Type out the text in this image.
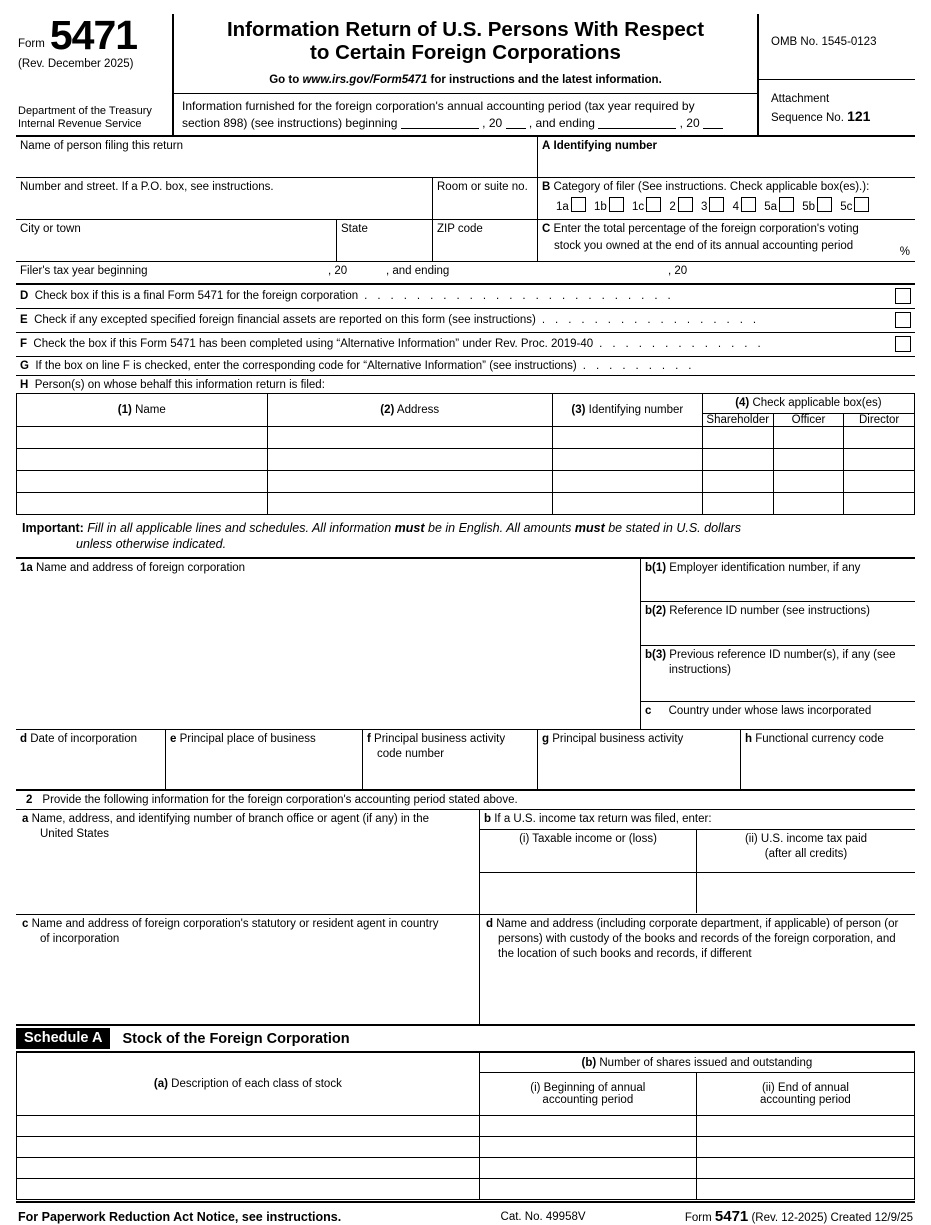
Form 5471
(Rev. December 2025)
Department of the Treasury
Internal Revenue Service
Information Return of U.S. Persons With Respect
to Certain Foreign Corporations
Go to www.irs.gov/Form5471 for instructions and the latest information.
Information furnished for the foreign corporation's annual accounting period (tax year required by
section 898) (see instructions) beginning	, 20 , and ending	, 20
OMB No. 1545-0123
Attachment
Sequence No. 121
Name of person filing this return	A Identifying number
Number and street. If a P.O. box, see instructions.	Room or suite no.	B Category of filer (See instructions. Check applicable box(es).):
1a 1b 1c 2 3 4 5a 5b 5c
City or town	State	ZIP code	C Enter the total percentage of the foreign corporation's voting
stock you owned at the end of its annual accounting period
%
Filer's tax year beginning	, 20	, and ending	, 20
D Check box if this is a final Form 5471 for the foreign corporation . . . . . . . . . . . . . . . . . . . . . . . .
E Check if any excepted specified foreign financial assets are reported on this form (see instructions) . . . . . . . . . . . . . . . . .
F Check the box if this Form 5471 has been completed using “Alternative Information” under Rev. Proc. 2019-40 . . . . . . . . . . . . .
G If the box on line F is checked, enter the corresponding code for “Alternative Information” (see instructions) . . . . . . . . .
H Person(s) on whose behalf this information return is filed:
(1) Name	(2) Address	(3) Identifying number	(4) Check applicable box(es)		
			Shareholder	Officer	Director

Important: Fill in all applicable lines and schedules. All information must be in English. All amounts must be stated in U.S. dollars
unless otherwise indicated.
1a Name and address of foreign corporation	b(1) Employer identification number, if any
b(2) Reference ID number (see instructions)
b(3) Previous reference ID number(s), if any (see
instructions)
c Country under whose laws incorporated
d Date of incorporation	e Principal place of business	f Principal business activity
code number
g Principal business activity	h Functional currency code
2 Provide the following information for the foreign corporation's accounting period stated above.
a Name, address, and identifying number of branch office or agent (if any) in the
United States
b If a U.S. income tax return was filed, enter:
(i) Taxable income or (loss)	(ii) U.S. income tax paid
(after all credits)
c Name and address of foreign corporation's statutory or resident agent in country
of incorporation
d Name and address (including corporate department, if applicable) of person (or
persons) with custody of the books and records of the foreign corporation, and
the location of such books and records, if different
Schedule A	Stock of the Foreign Corporation
(a) Description of each class of stock	(b) Number of shares issued and outstanding	

(i) Beginning of annual
accounting period

(ii) End of annual
accounting period

For Paperwork Reduction Act Notice, see instructions.	Cat. No. 49958V	Form 5471 (Rev. 12-2025) Created 12/9/25
